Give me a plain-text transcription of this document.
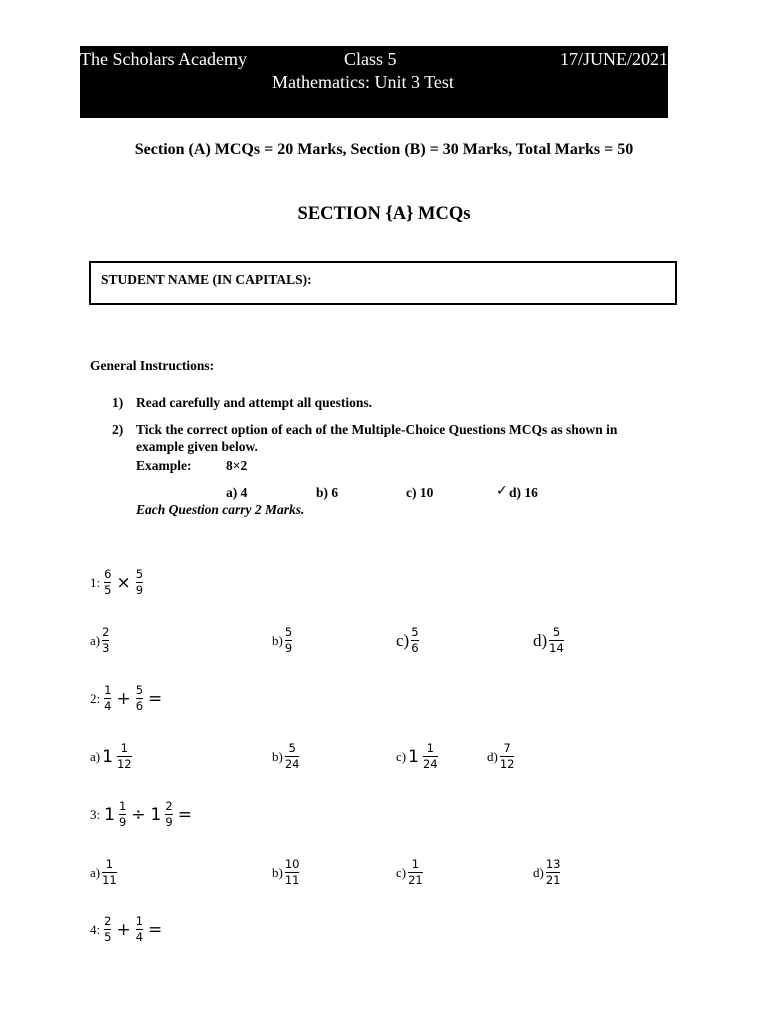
The Scholars Academy	Class 5	17/JUNE/2021
Mathematics: Unit 3 Test
Section (A) MCQs = 20 Marks, Section (B) = 30 Marks, Total Marks = 50
SECTION {A} MCQs
STUDENT NAME (IN CAPITALS):
General Instructions:
1) Read carefully and attempt all questions.
2) Tick the correct option of each of the Multiple-Choice Questions MCQs as shown in
example given below.
Example:	8×2
a) 4	b) 6	c) 10	✓ d) 16
Each Question carry 2 Marks.
1: $\frac{6}{5} \times \frac{5}{9}$
$a) \frac{2}{3}$	$b) \frac{5}{9}$	$c) \frac{5}{6}$	$d) \frac{5}{14}$
2: $\frac{1}{4} + \frac{5}{6}$ =
a) $1 \frac{1}{12}$	$b) \frac{5}{24}$	c) $1 \frac{1}{24}$	$d) \frac{7}{12}$
3: $1 \frac{1}{9} \div 1 \frac{2}{9}$ =
$a) \frac{1}{11}$	$b) \frac{10}{11}$	$c) \frac{1}{21}$	$d) \frac{13}{21}$
4: $\frac{2}{5} + \frac{1}{4}$ =
